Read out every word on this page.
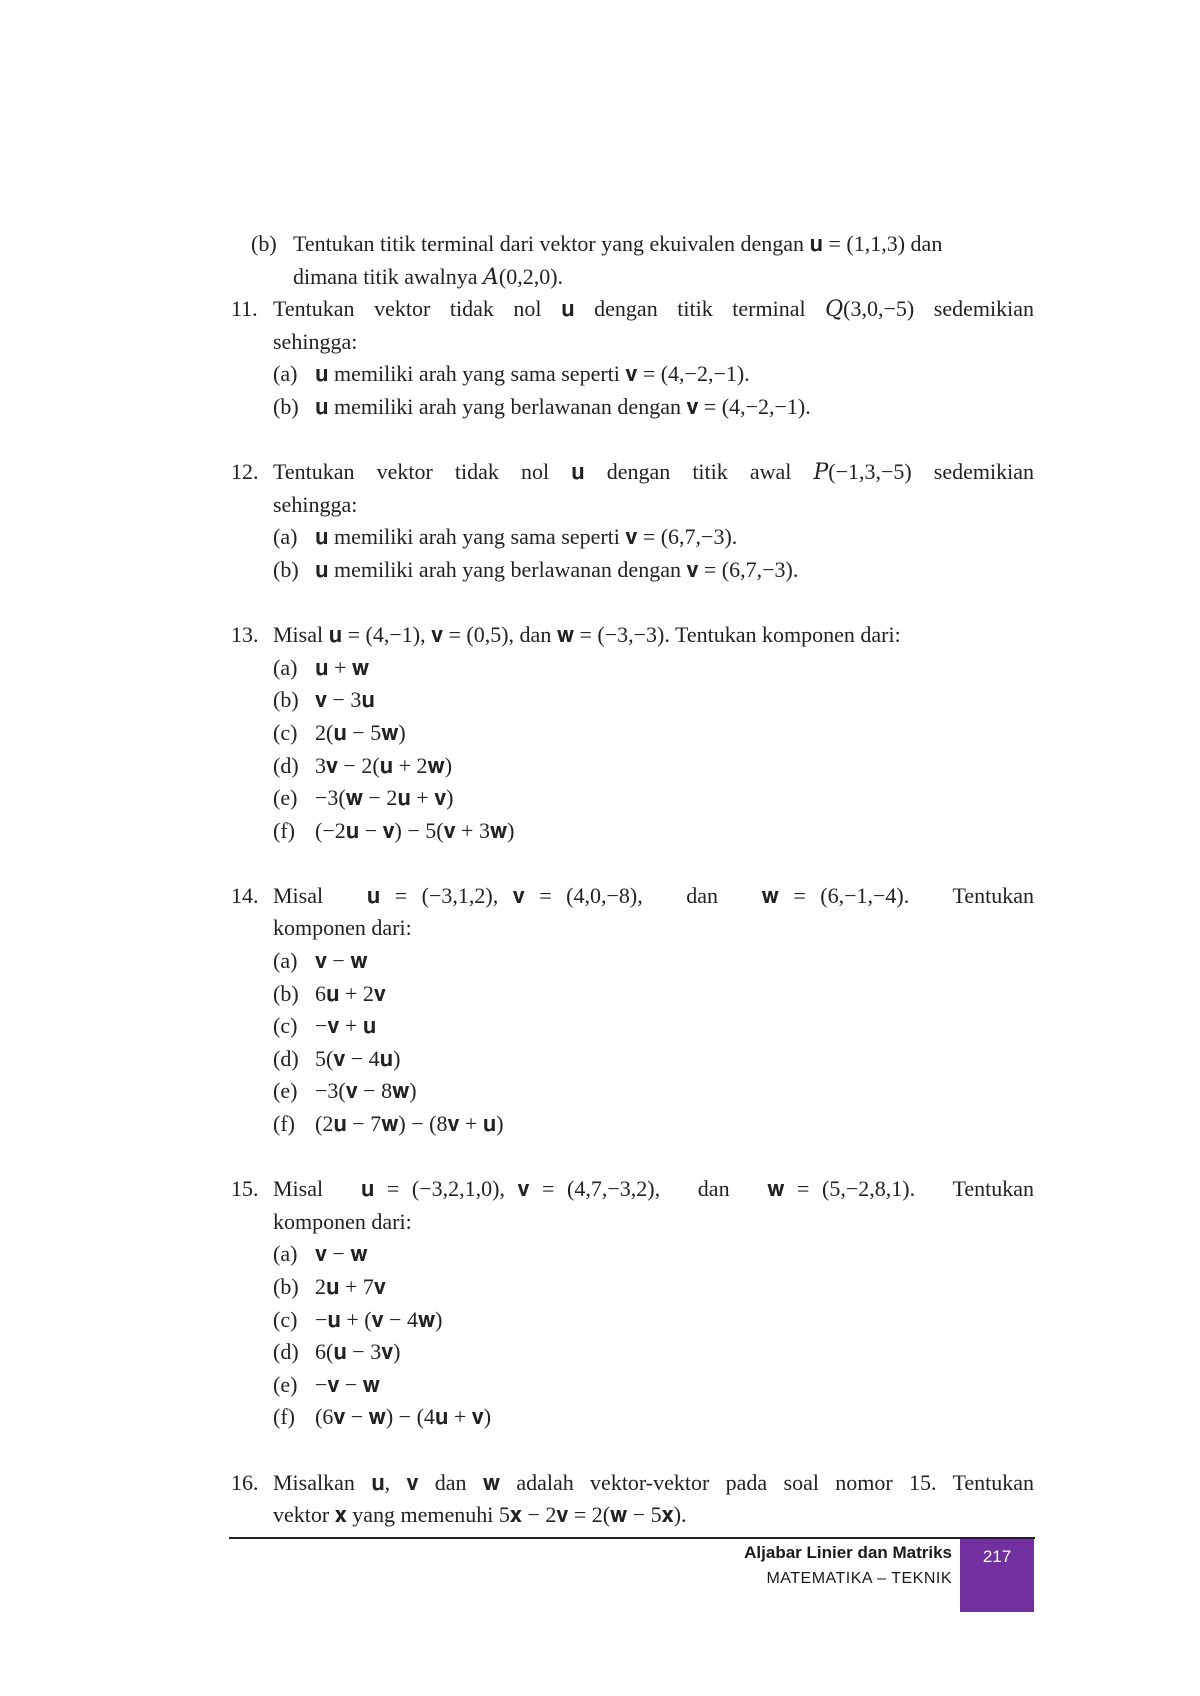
(b) Tentukan titik terminal dari vektor yang ekuivalen dengan 𝐮 = (1,1,3) dan
dimana titik awalnya 𝐴(0,2,0).
11. Tentukan vektor tidak nol 𝐮 dengan titik terminal 𝑄(3,0,−5) sedemikian
sehingga:
(a) 𝐮 memiliki arah yang sama seperti 𝐯 = (4,−2,−1).
(b) 𝐮 memiliki arah yang berlawanan dengan 𝐯 = (4,−2,−1).
12. Tentukan vektor tidak nol 𝐮 dengan titik awal 𝑃(−1,3,−5) sedemikian
sehingga:
(a) 𝐮 memiliki arah yang sama seperti 𝐯 = (6,7,−3).
(b) 𝐮 memiliki arah yang berlawanan dengan 𝐯 = (6,7,−3).
13. Misal 𝐮 = (4,−1), 𝐯 = (0,5), dan 𝐰 = (−3,−3). Tentukan komponen dari:
(a) 𝐮 + 𝐰
(b) 𝐯 − 3𝐮
(c) 2(𝐮 − 5𝐰)
(d) 3𝐯 − 2(𝐮 + 2𝐰)
(e) −3(𝐰 − 2𝐮 + 𝐯)
(f) (−2𝐮 − 𝐯) − 5(𝐯 + 3𝐰)
14. Misal   𝐮 = (−3,1,2), 𝐯 = (4,0,−8),   dan   𝐰 = (6,−1,−4).   Tentukan
komponen dari:
(a) 𝐯 − 𝐰
(b) 6𝐮 + 2𝐯
(c) −𝐯 + 𝐮
(d) 5(𝐯 − 4𝐮)
(e) −3(𝐯 − 8𝐰)
(f) (2𝐮 − 7𝐰) − (8𝐯 + 𝐮)
15. Misal   𝐮 = (−3,2,1,0), 𝐯 = (4,7,−3,2),   dan   𝐰 = (5,−2,8,1).   Tentukan
komponen dari:
(a) 𝐯 − 𝐰
(b) 2𝐮 + 7𝐯
(c) −𝐮 + (𝐯 − 4𝐰)
(d) 6(𝐮 − 3𝐯)
(e) −𝐯 − 𝐰
(f) (6𝐯 − 𝐰) − (4𝐮 + 𝐯)
16. Misalkan 𝐮, 𝐯 dan 𝐰 adalah vektor-vektor pada soal nomor 15. Tentukan
vektor 𝐱 yang memenuhi 5𝐱 − 2𝐯 = 2(𝐰 − 5𝐱).
Aljabar Linier dan Matriks
MATEMATIKA – TEKNIK
217
